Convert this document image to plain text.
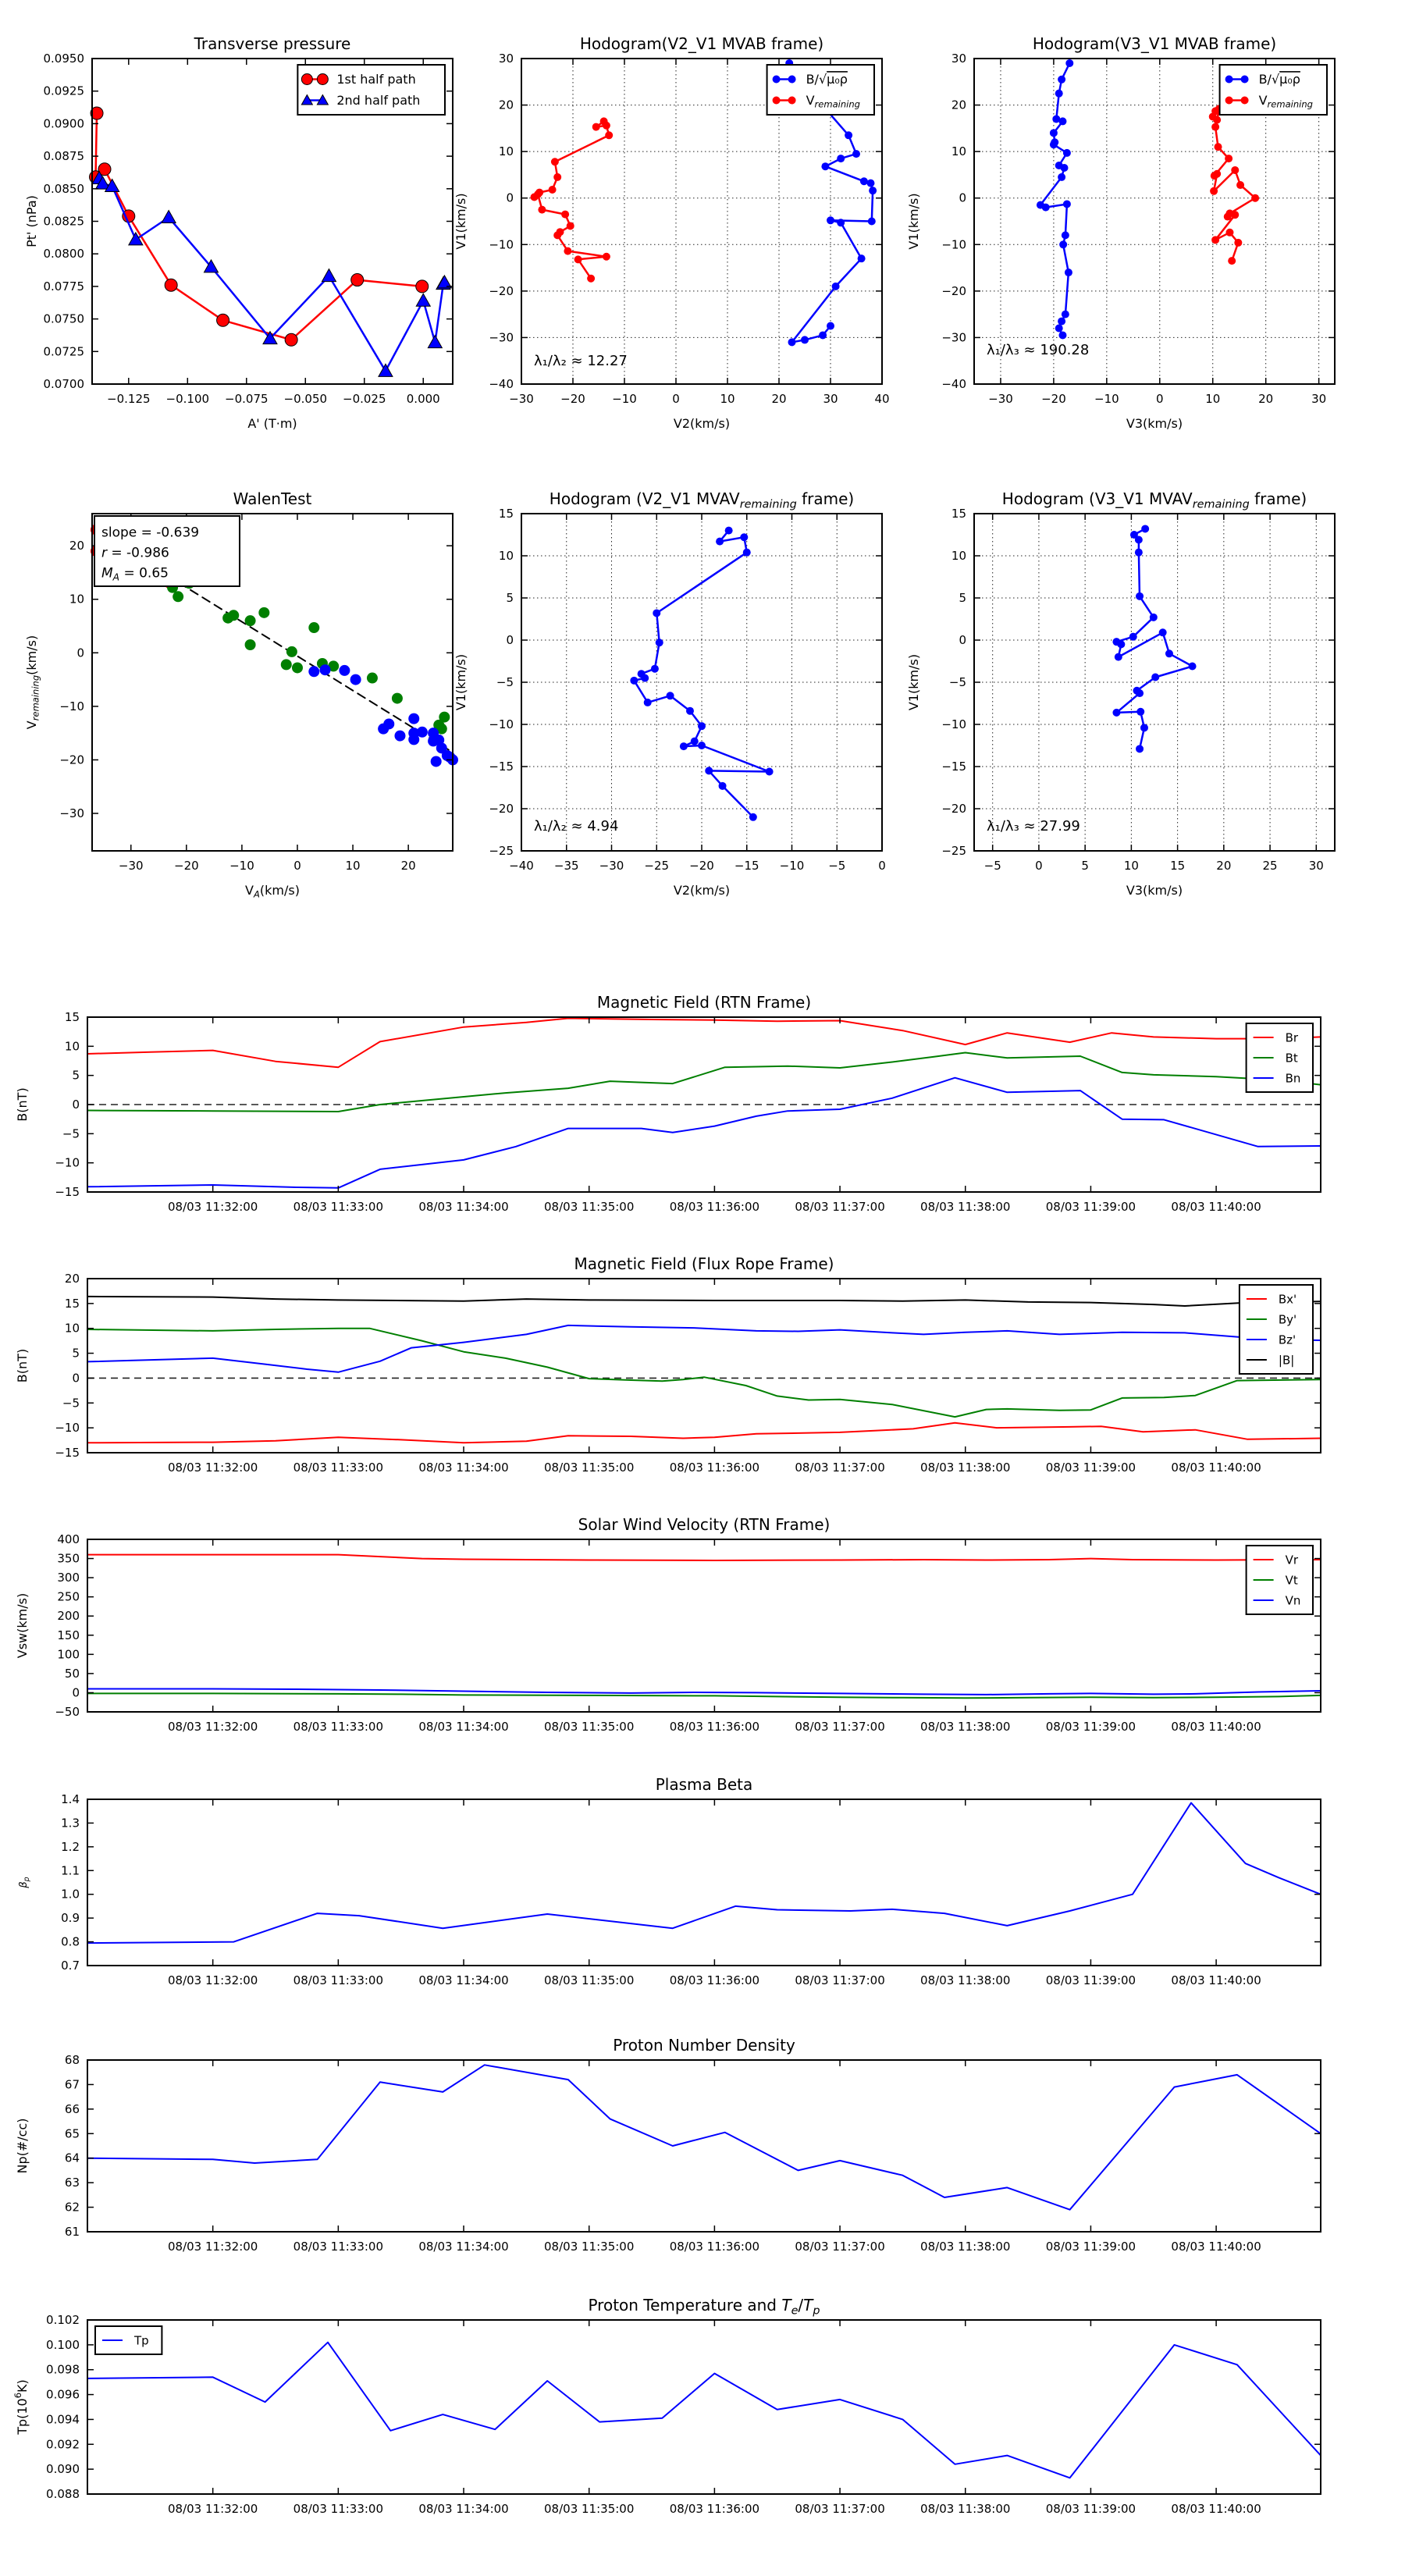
−0.125 −0.100 −0.075 −0.050 −0.025 0.000
0.0700
0.0725
0.0750
0.0775
0.0800
0.0825
0.0850
0.0875
0.0900
0.0925
0.0950
A' (T·m)
Pt' (nPa)
Transverse pressure
1st half path
2nd half path
−30 −20 −10	0	10	20	30	40
−40
−30
−20
−10
0
10
20
30
V2(km/s)
V1(km/s)
Hodogram(V2_V1 MVAB frame)
B/√μ₀ρ
$V_{remaining}$
λ₁/λ₂ ≈ 12.27
−30 −20 −10	0	10	20	30
−40
−30
−20
−10
0
10
20
30
V3(km/s)
V1(km/s)
Hodogram(V3_V1 MVAB frame)
B/√μ₀ρ
$V_{remaining}$
λ₁/λ₃ ≈ 190.28
−30	−20	−10	0	10	20
−30
−20
−10
0
10
20
$V_A(km/s)$
$V_{remaining}(km/s)$
WalenTest
slope = -0.639
r = -0.986
$M_A = 0.65$
−40 −35 −30 −25 −20 −15 −10 −5	0
−25
−20
−15
−10
−5
0
5
10
15
V2(km/s)
V1(km/s)
Hodogram (V2_V1 $MVAV_{remaining}$ frame)
λ₁/λ₂ ≈ 4.94
−5	0	5	10	15	20	25	30
−25
−20
−15
−10
−5
0
5
10
15
V3(km/s)
V1(km/s)
Hodogram (V3_V1 $MVAV_{remaining}$ frame)
λ₁/λ₃ ≈ 27.99
08/03 11:32:00	08/03 11:33:00	08/03 11:34:00	08/03 11:35:00	08/03 11:36:00	08/03 11:37:00	08/03 11:38:00	08/03 11:39:00	08/03 11:40:00
−15
−10
−5
0
5
10
15
B(nT)
Magnetic Field (RTN Frame)
Br
Bt
Bn
08/03 11:32:00	08/03 11:33:00	08/03 11:34:00	08/03 11:35:00	08/03 11:36:00	08/03 11:37:00	08/03 11:38:00	08/03 11:39:00	08/03 11:40:00
−15
−10
−5
0
5
10
15
20
B(nT)
Magnetic Field (Flux Rope Frame)
Bx'
By'
Bz'
|B|
08/03 11:32:00	08/03 11:33:00	08/03 11:34:00	08/03 11:35:00	08/03 11:36:00	08/03 11:37:00	08/03 11:38:00	08/03 11:39:00	08/03 11:40:00
−50
0
50
100
150
200
250
300
350
400
Vsw(km/s)
Solar Wind Velocity (RTN Frame)
Vr
Vt
Vn
08/03 11:32:00	08/03 11:33:00	08/03 11:34:00	08/03 11:35:00	08/03 11:36:00	08/03 11:37:00	08/03 11:38:00	08/03 11:39:00	08/03 11:40:00
0.7
0.8
0.9
1.0
1.1
1.2
1.3
1.4
$\beta_p$
Plasma Beta
08/03 11:32:00	08/03 11:33:00	08/03 11:34:00	08/03 11:35:00	08/03 11:36:00	08/03 11:37:00	08/03 11:38:00	08/03 11:39:00	08/03 11:40:00
61
62
63
64
65
66
67
68
Np(#/cc)
Proton Number Density
08/03 11:32:00	08/03 11:33:00	08/03 11:34:00	08/03 11:35:00	08/03 11:36:00	08/03 11:37:00	08/03 11:38:00	08/03 11:39:00	08/03 11:40:00
0.088
0.090
0.092
0.094
0.096
0.098
0.100
0.102
$Tp(10^6K)$
Proton Temperature and $T_e/T_p$
Tp
